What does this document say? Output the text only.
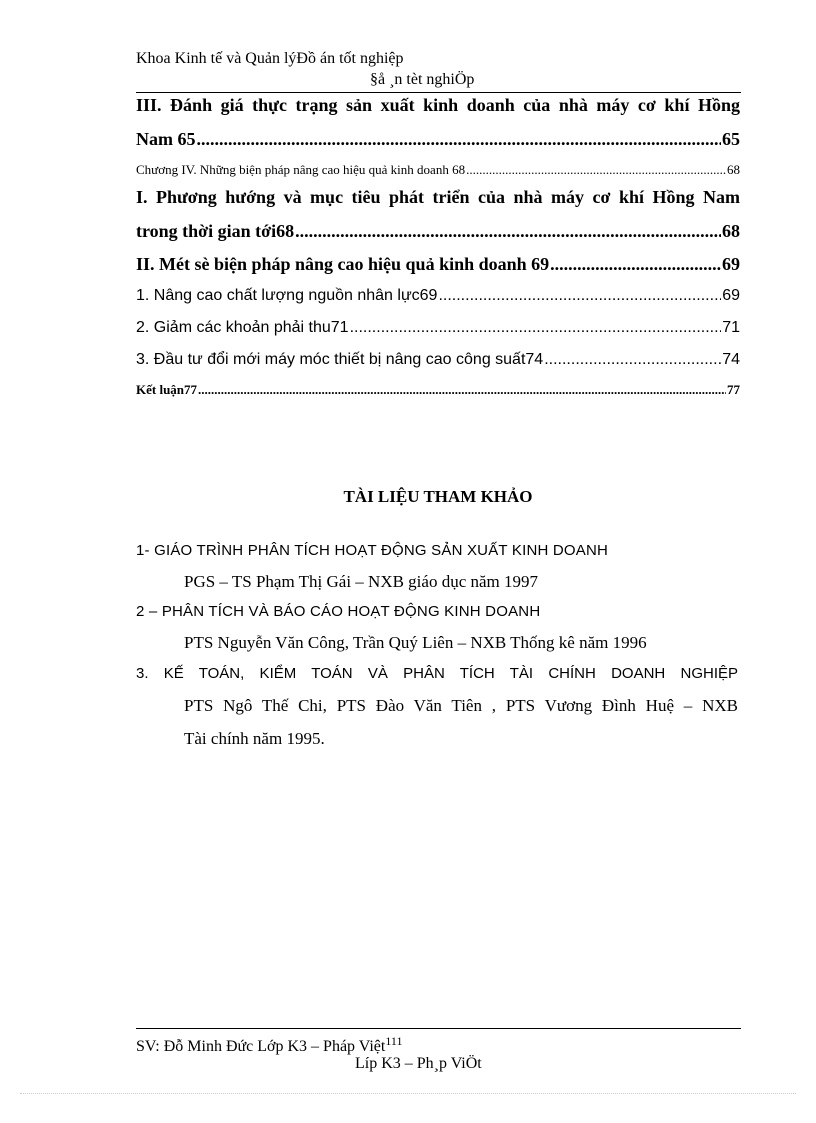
Khoa Kinh tế và Quản lýĐồ án tốt nghiệp
§å ¸n tèt nghiÖp
III. Đánh giá thực trạng sản xuất kinh doanh của nhà máy cơ khí Hồng
Nam 65 .....	65
Chương IV. Những biện pháp nâng cao hiệu quả kinh doanh 68 .....	68
I. Phương hướng và mục tiêu phát triển của nhà máy cơ khí Hồng Nam
trong thời gian tới68 .....	68
II. Mét sè biện pháp nâng cao hiệu quả kinh doanh 69 .....	69
1. Nâng cao chất lượng nguồn nhân lực69 .....	69
2. Giảm các khoản phải thu71 .....	71
3. Đầu tư đổi mới máy móc thiết bị nâng cao công suất74 .....	74
Kết luận77 .....	77
TÀI LIỆU THAM KHẢO
1- GIÁO TRÌNH PHÂN TÍCH HOẠT ĐỘNG SẢN XUẤT KINH DOANH
PGS – TS Phạm Thị Gái – NXB giáo dục năm 1997
2 – PHÂN TÍCH VÀ BÁO CÁO HOẠT ĐỘNG KINH DOANH
PTS Nguyễn Văn Công, Trần Quý Liên – NXB Thống kê năm 1996
3. KẾ TOÁN, KIỂM TOÁN VÀ PHÂN TÍCH TÀI CHÍNH DOANH NGHIỆP
PTS Ngô Thế Chi, PTS Đào Văn Tiên , PTS Vương Đình Huệ – NXB
Tài chính năm 1995.
SV: Đỗ Minh Đức Lớp K3 – Pháp Việt$^{111}$
Líp K3 – Ph¸p ViÖt
